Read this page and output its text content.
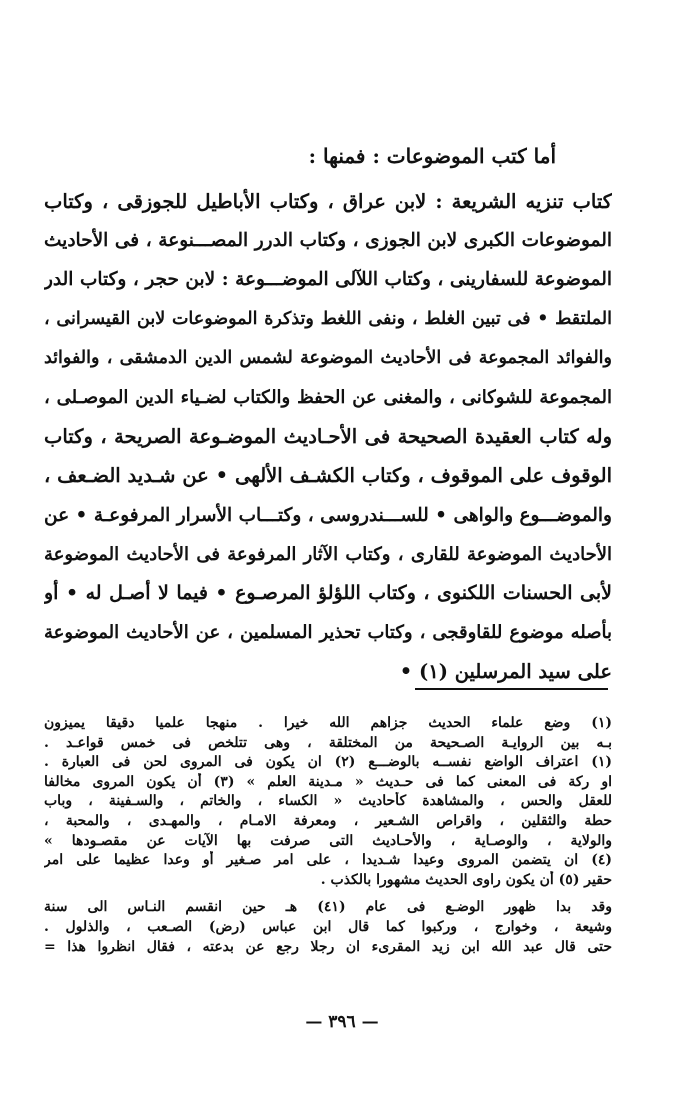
أما كتب الموضوعات : فمنها :
كتاب تنزيه الشريعة : لابن عراق ، وكتاب الأباطيل للجوزقى ، وكتاب
الموضوعات الكبرى لابن الجوزى ، وكتاب الدرر المصـــنوعة ، فى الأحاديث
الموضوعة للسفارينى ، وكتاب اللآلى الموضـــوعة : لابن حجر ، وكتاب الدر
الملتقط • فى تبين الغلط ، ونفى اللغط وتذكرة الموضوعات لابن القيسرانى ،
والفوائد المجموعة فى الأحاديث الموضوعة لشمس الدين الدمشقى ، والفوائد
المجموعة للشوكانى ، والمغنى عن الحفظ والكتاب لضـياء الدين الموصـلى ،
وله كتاب العقيدة الصحيحة فى الأحـاديث الموضـوعة الصريحة ، وكتاب
الوقوف على الموقوف ، وكتاب الكشـف الألهى • عن شـديد الضـعف ،
والموضـــوع والواهى • للســـندروسى ، وكتـــاب الأسرار المرفوعـة • عن
الأحاديث الموضوعة للقارى ، وكتاب الآثار المرفوعة فى الأحاديث الموضوعة
لأبى الحسنات اللكنوى ، وكتاب اللؤلؤ المرصـوع • فيما لا أصـل له • أو
بأصله موضوع للقاوقجى ، وكتاب تحذير المسلمين ، عن الأحاديث الموضوعة
على سيد المرسلين (١) •
(١) وضع علماء الحديث جزاهم الله خيرا . منهجا علميا دقيقا يميزون
بـه بين الروايـة الصـحيحة من المختلقة ، وهى تتلخص فى خمس قواعـد .
(١) اعتراف الواضع نفســه بالوضـــع (٢) ان يكون فى المروى لحن فى العبارة .
او ركة فى المعنى كما فى حـديث « مـدينة العلم » (٣) أن يكون المروى مخالفا
للعقل والحس ، والمشاهدة كأحاديث « الكساء ، والخاتم ، والسـفينة ، وباب
حطة والثقلين ، واقراص الشـعير ، ومعرفة الامـام ، والمهـدى ، والمحبة ،
والولاية ، والوصـاية ، والأحـاديث التى صرفت بها الآيات عن مقصـودها »
(٤) ان يتضمن المروى وعيدا شـديدا ، على امر صـغير أو وعدا عظيما على امر
حقير (٥) أن يكون راوى الحديث مشهورا بالكذب .
وقد بدا ظهور الوضـع فى عام (٤١) هـ حين انقسم النـاس الى سنة
وشيعة ، وخوارج ، وركبوا كما قال ابن عباس (رض) الصـعب ، والذلول .
حتى قال عبد الله ابن زيد المقرىء ان رجلا رجع عن بدعته ، فقال انظروا هذا =
— ٣٩٦ —
